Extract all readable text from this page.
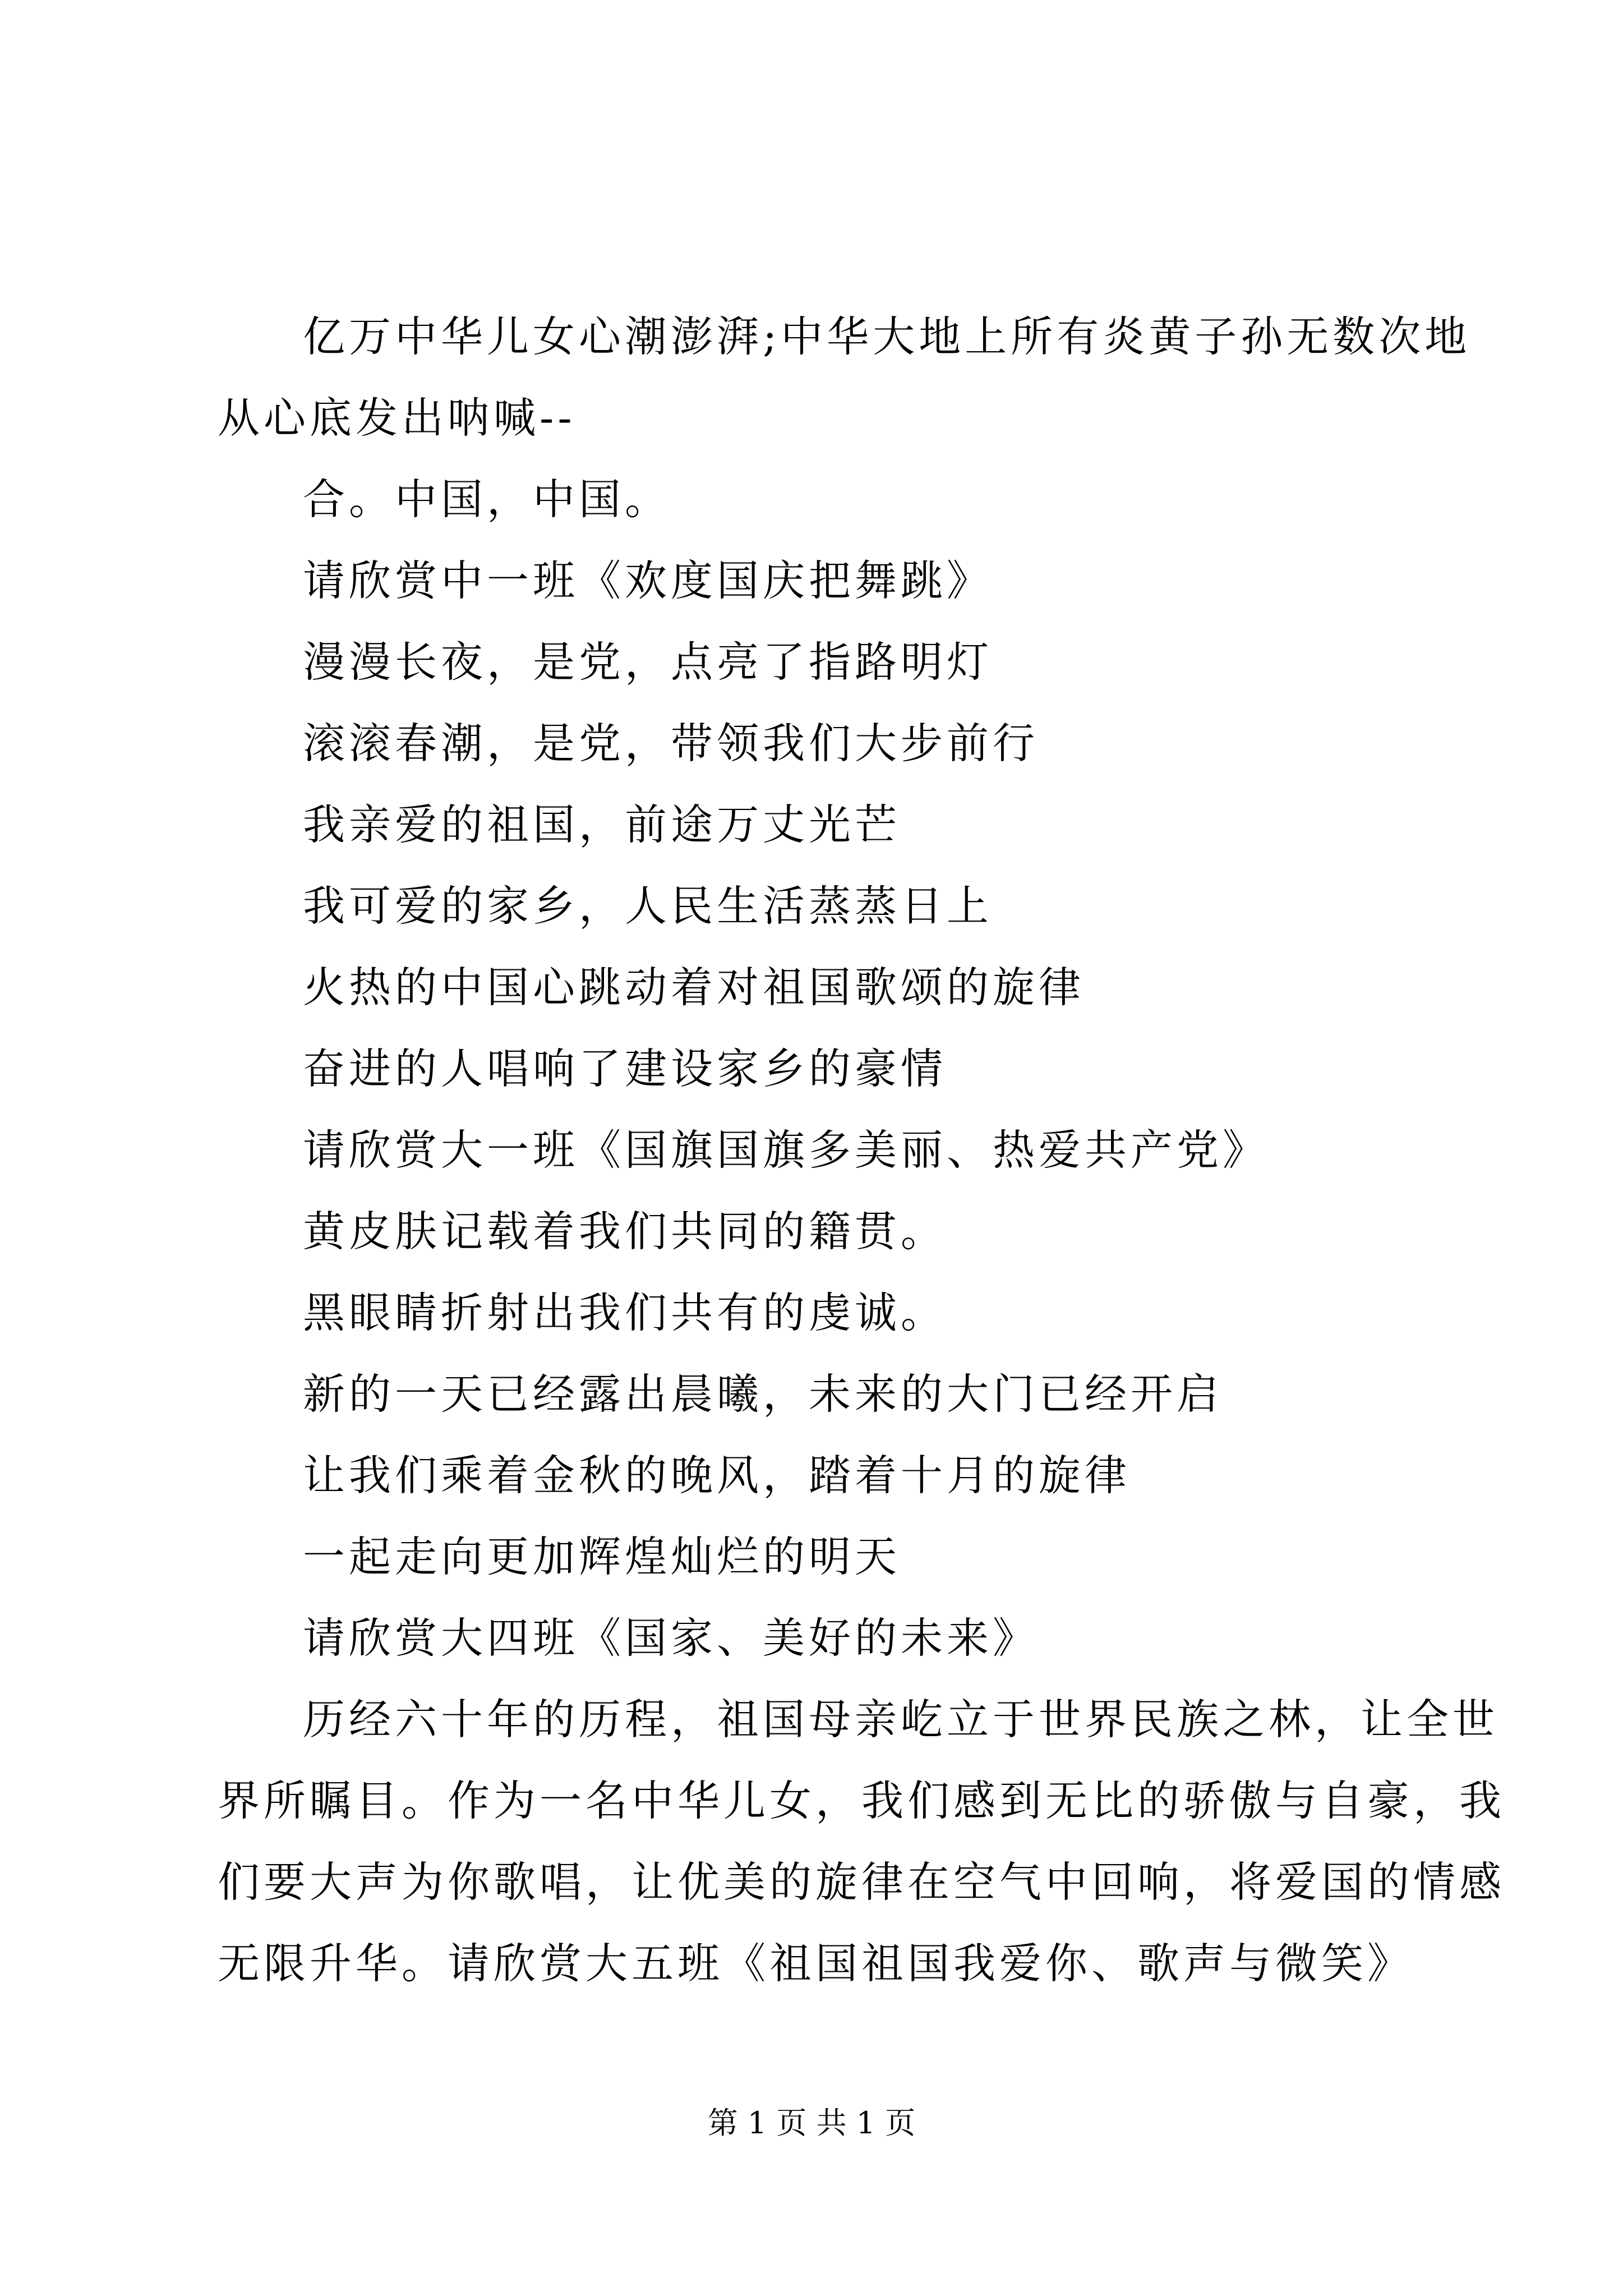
亿万中华儿女心潮澎湃;中华大地上所有炎黄子孙无数次地
从心底发出呐喊--
合。中国，中国。
请欣赏中一班《欢度国庆把舞跳》
漫漫长夜，是党，点亮了指路明灯
滚滚春潮，是党，带领我们大步前行
我亲爱的祖国，前途万丈光芒
我可爱的家乡，人民生活蒸蒸日上
火热的中国心跳动着对祖国歌颂的旋律
奋进的人唱响了建设家乡的豪情
请欣赏大一班《国旗国旗多美丽、热爱共产党》
黄皮肤记载着我们共同的籍贯。
黑眼睛折射出我们共有的虔诚。
新的一天已经露出晨曦，未来的大门已经开启
让我们乘着金秋的晚风，踏着十月的旋律
一起走向更加辉煌灿烂的明天
请欣赏大四班《国家、美好的未来》
历经六十年的历程，祖国母亲屹立于世界民族之林，让全世
界所瞩目。作为一名中华儿女，我们感到无比的骄傲与自豪，我
们要大声为你歌唱，让优美的旋律在空气中回响，将爱国的情感
无限升华。请欣赏大五班《祖国祖国我爱你、歌声与微笑》
第 1 页 共 1 页
